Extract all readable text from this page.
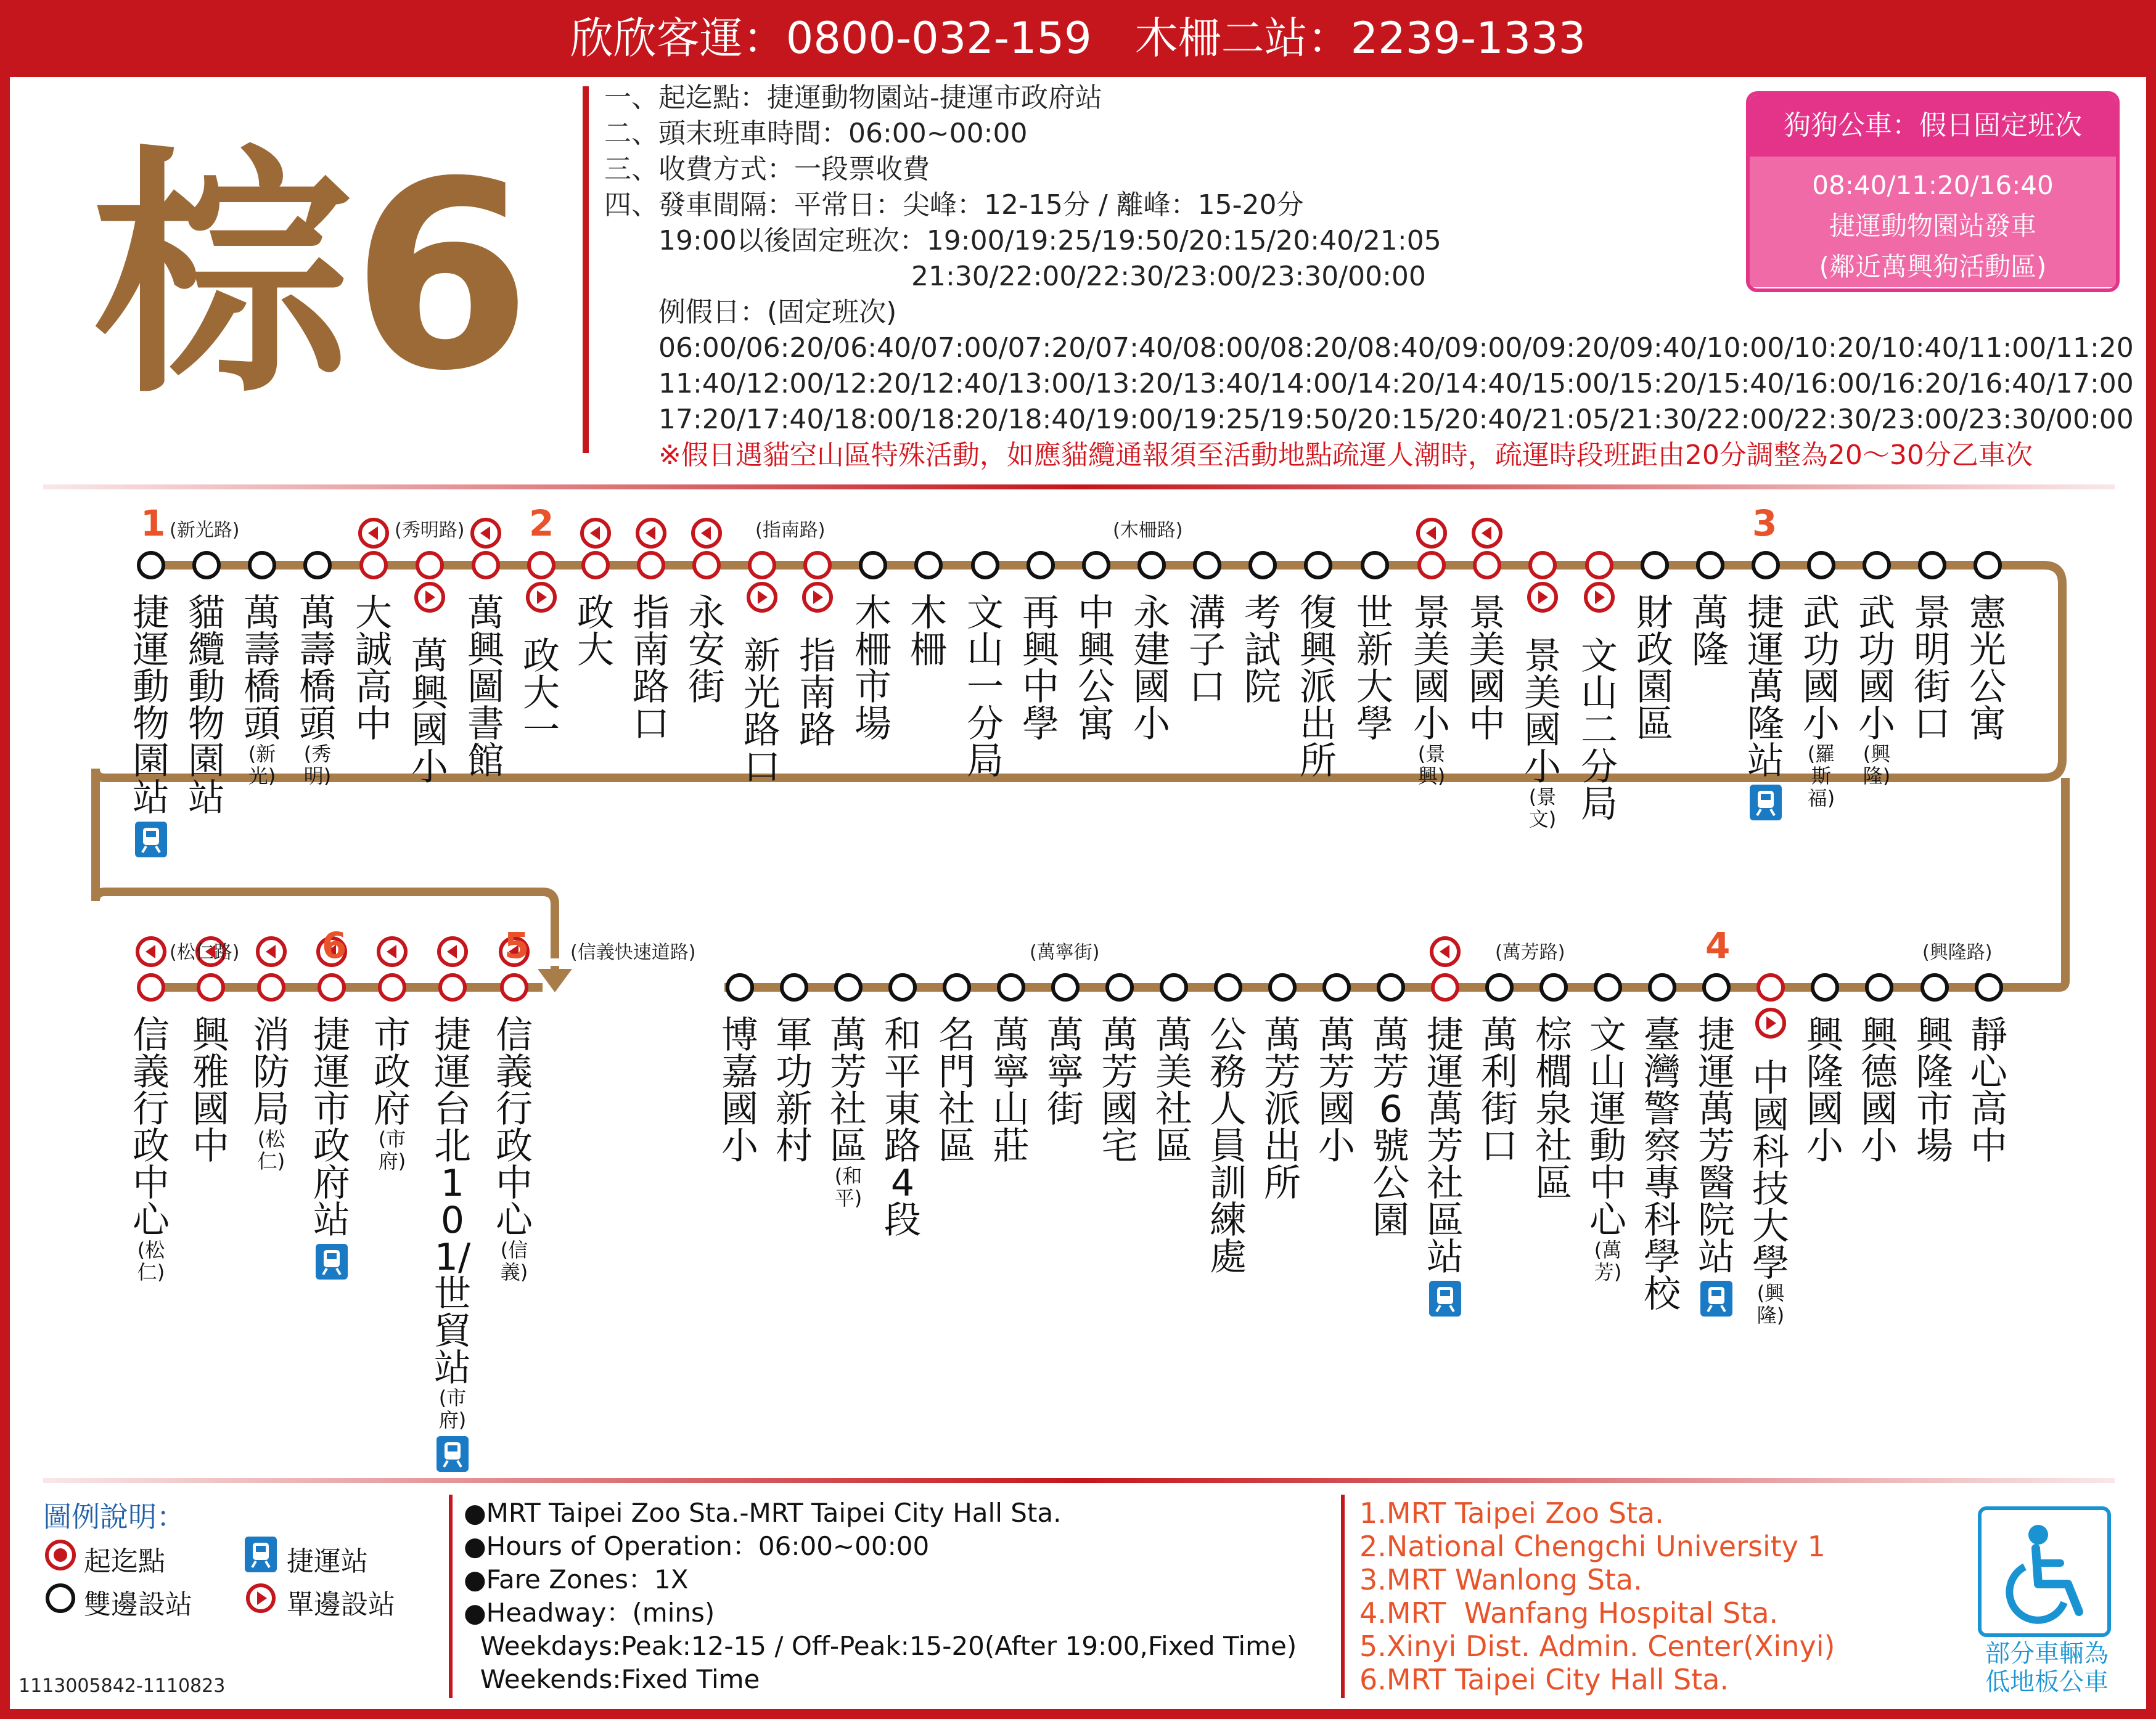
欣欣客運：0800-032-159　木柵二站：2239-1333
棕6
一、起迄點：捷運動物園站-捷運市政府站
二、頭末班車時間：06:00~00:00
三、收費方式：一段票收費
四、發車間隔：平常日：尖峰：12-15分 / 離峰：15-20分
　　19:00以後固定班次：19:00/19:25/19:50/20:15/20:40/21:05
　　　　　　　　　　　 21:30/22:00/22:30/23:00/23:30/00:00
　　例假日：(固定班次)
　　06:00/06:20/06:40/07:00/07:20/07:40/08:00/08:20/08:40/09:00/09:20/09:40/10:00/10:20/10:40/11:00/11:20
　　11:40/12:00/12:20/12:40/13:00/13:20/13:40/14:00/14:20/14:40/15:00/15:20/15:40/16:00/16:20/16:40/17:00
　　17:20/17:40/18:00/18:20/18:40/19:00/19:25/19:50/20:15/20:40/21:05/21:30/22:00/22:30/23:00/23:30/00:00
　　※假日遇貓空山區特殊活動，如應貓纜通報須至活動地點疏運人潮時，疏運時段班距由20分調整為20～30分乙車次
狗狗公車：假日固定班次
08:40/11:20/16:40
捷運動物園站發車
(鄰近萬興狗活動區)
捷運動物園站
貓纜動物園站
萬壽橋頭
(新光)
萬壽橋頭
(秀明)
大誠高中
萬興國小
萬興圖書館
政大一
政大
指南路口
永安街
新光路口
指南路
木柵市場
木柵
文山一分局
再興中學
中興公寓
永建國小
溝子口
考試院
復興派出所
世新大學
景美國小
(景興)
景美國中
景美國小
(景文)
文山二分局
財政園區
萬隆
捷運萬隆站
武功國小
(羅斯福)
武功國小
(興隆)
景明街口
憲光公寓
信義行政中心
(松仁)
興雅國中
消防局
(松仁)
捷運市政府站
市政府
(市府)
捷運台北101/世貿站
(市府)
信義行政中心
(信義)
博嘉國小
軍功新村
萬芳社區
(和平)
和平東路4段
名門社區
萬寧山莊
萬寧街
萬芳國宅
萬美社區
公務人員訓練處
萬芳派出所
萬芳國小
萬芳6號公園
捷運萬芳社區站
萬利街口
棕櫚泉社區
文山運動中心
(萬芳)
臺灣警察專科學校
捷運萬芳醫院站
中國科技大學
(興隆)
興隆國小
興德國小
興隆市場
靜心高中
(新光路)	(秀明路)	(指南路)	(木柵路)
(松仁路)	(信義快速道路)	(萬寧街)	(萬芳路)	(興隆路)
1	2	3
4
5
6
圖例說明：
起迄點
雙邊設站
捷運站
單邊設站
1113005842-1110823
●MRT Taipei Zoo Sta.-MRT Taipei City Hall Sta.
●Hours of Operation：06:00~00:00
●Fare Zones：1X
●Headway：(mins)
Weekdays:Peak:12-15 / Off-Peak:15-20(After 19:00,Fixed Time)
Weekends:Fixed Time
1.MRT Taipei Zoo Sta.
2.National Chengchi University 1
3.MRT Wanlong Sta.
4.MRT  Wanfang Hospital Sta.
5.Xinyi Dist. Admin. Center(Xinyi)
6.MRT Taipei City Hall Sta.
部分車輛為
低地板公車
